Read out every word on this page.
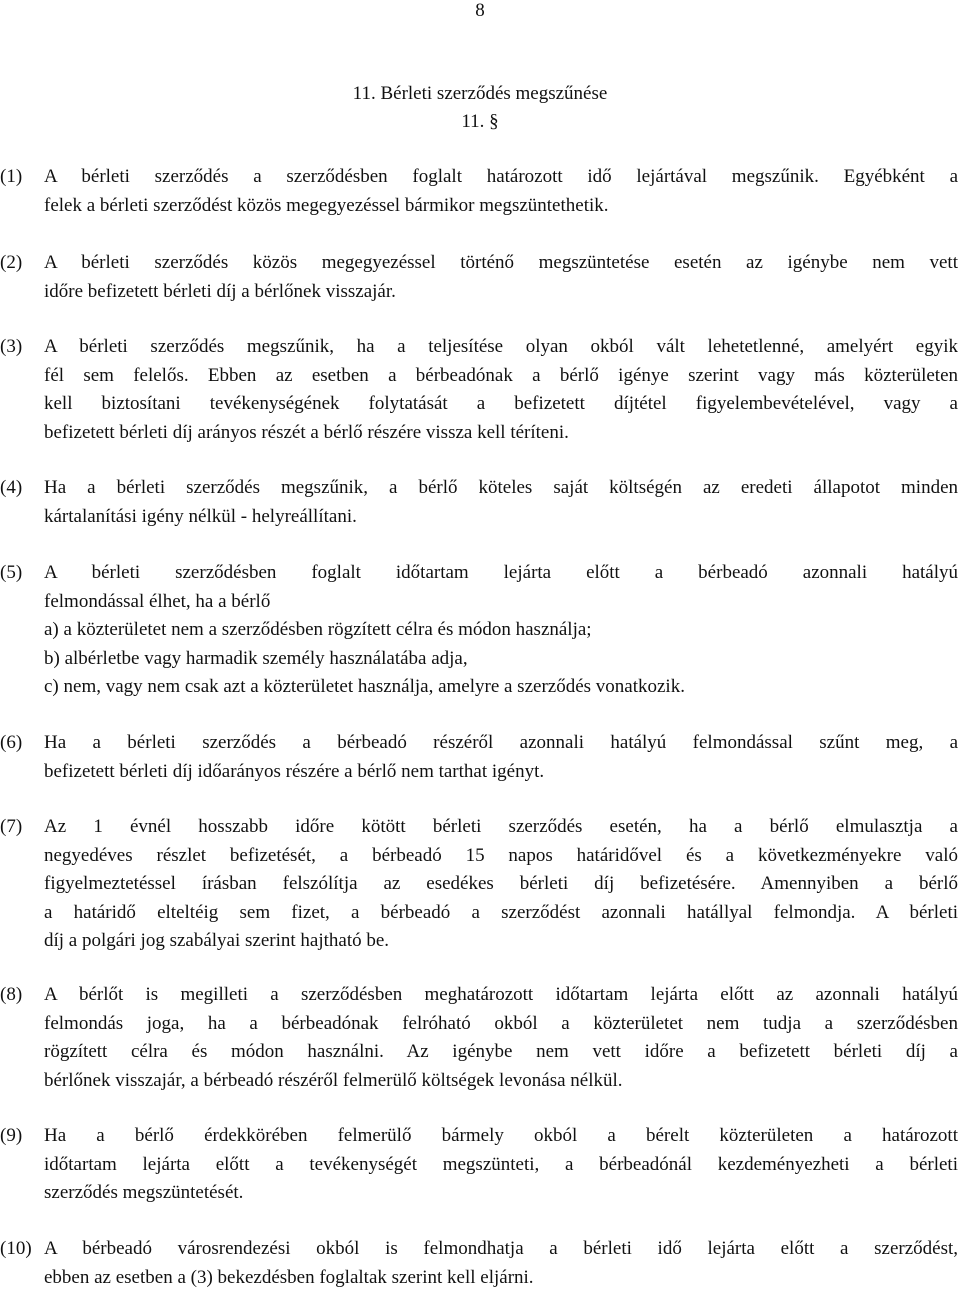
8
11. Bérleti szerződés megszűnése
11. §
(1) A bérleti szerződés a szerződésben foglalt határozott idő lejártával megszűnik. Egyébként a
felek a bérleti szerződést közös megegyezéssel bármikor megszüntethetik.
(2) A bérleti szerződés közös megegyezéssel történő megszüntetése esetén az igénybe nem vett
időre befizetett bérleti díj a bérlőnek visszajár.
(3) A bérleti szerződés megszűnik, ha a teljesítése olyan okból vált lehetetlenné, amelyért egyik
fél sem felelős. Ebben az esetben a bérbeadónak a bérlő igénye szerint vagy más közterületen
kell biztosítani tevékenységének folytatását a befizetett díjtétel figyelembevételével, vagy a
befizetett bérleti díj arányos részét a bérlő részére vissza kell téríteni.
(4) Ha a bérleti szerződés megszűnik, a bérlő köteles saját költségén az eredeti állapotot minden
kártalanítási igény nélkül - helyreállítani.
(5) A bérleti szerződésben foglalt időtartam lejárta előtt a bérbeadó azonnali hatályú
felmondással élhet, ha a bérlő
a) a közterületet nem a szerződésben rögzített célra és módon használja;
b) albérletbe vagy harmadik személy használatába adja,
c) nem, vagy nem csak azt a közterületet használja, amelyre a szerződés vonatkozik.
(6) Ha a bérleti szerződés a bérbeadó részéről azonnali hatályú felmondással szűnt meg, a
befizetett bérleti díj időarányos részére a bérlő nem tarthat igényt.
(7) Az 1 évnél hosszabb időre kötött bérleti szerződés esetén, ha a bérlő elmulasztja a
negyedéves részlet befizetését, a bérbeadó 15 napos határidővel és a következményekre való
figyelmeztetéssel írásban felszólítja az esedékes bérleti díj befizetésére. Amennyiben a bérlő
a határidő elteltéig sem fizet, a bérbeadó a szerződést azonnali hatállyal felmondja. A bérleti
díj a polgári jog szabályai szerint hajtható be.
(8) A bérlőt is megilleti a szerződésben meghatározott időtartam lejárta előtt az azonnali hatályú
felmondás joga, ha a bérbeadónak felróható okból a közterületet nem tudja a szerződésben
rögzített célra és módon használni. Az igénybe nem vett időre a befizetett bérleti díj a
bérlőnek visszajár, a bérbeadó részéről felmerülő költségek levonása nélkül.
(9) Ha a bérlő érdekkörében felmerülő bármely okból a bérelt közterületen a határozott
időtartam lejárta előtt a tevékenységét megszünteti, a bérbeadónál kezdeményezheti a bérleti
szerződés megszüntetését.
(10) A bérbeadó városrendezési okból is felmondhatja a bérleti idő lejárta előtt a szerződést,
ebben az esetben a (3) bekezdésben foglaltak szerint kell eljárni.
